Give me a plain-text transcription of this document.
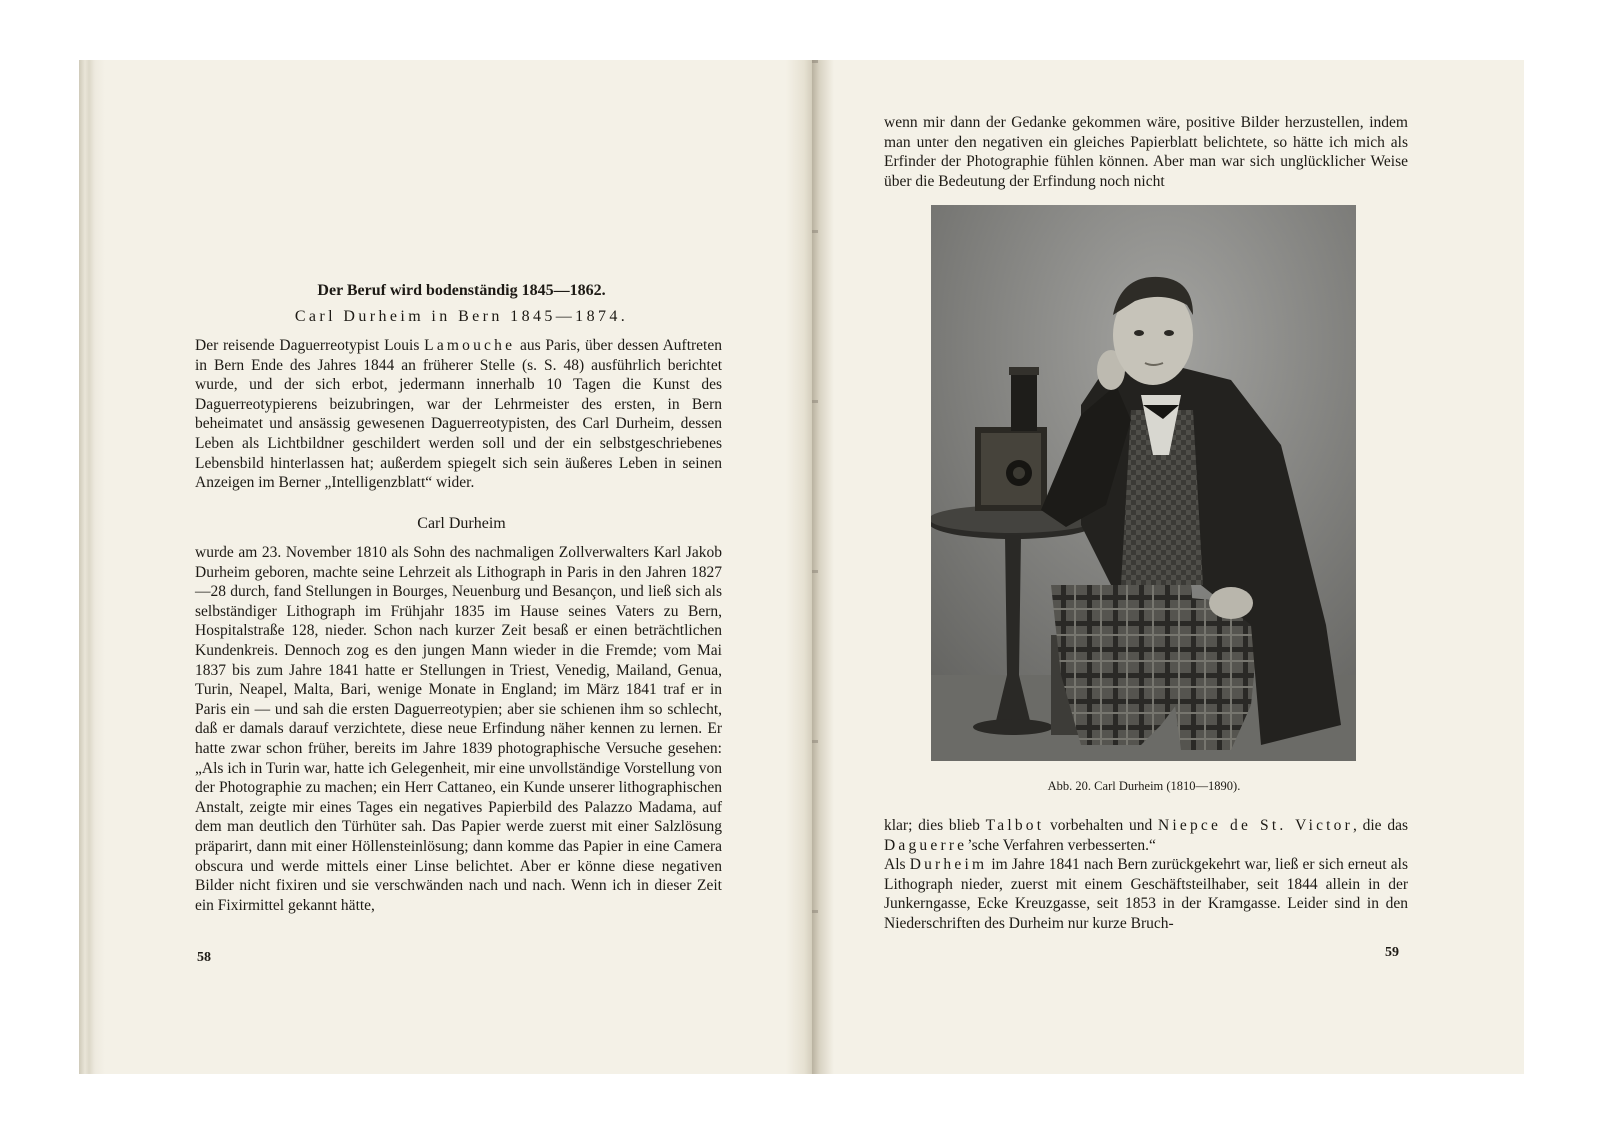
Der Beruf wird bodenständig 1845—1862.
Carl Durheim in Bern 1845—1874.
Der reisende Daguerreotypist Louis Lamouche aus Paris, über dessen Auftreten in Bern Ende des Jahres 1844 an früherer Stelle (s. S. 48) ausführlich berichtet wurde, und der sich erbot, jedermann innerhalb 10 Tagen die Kunst des Daguerreotypierens beizubringen, war der Lehrmeister des ersten, in Bern beheimatet und ansässig gewesenen Daguerreotypisten, des Carl Durheim, dessen Leben als Lichtbildner geschildert werden soll und der ein selbstgeschriebenes Lebensbild hinterlassen hat; außerdem spiegelt sich sein äußeres Leben in seinen Anzeigen im Berner „Intelligenzblatt“ wider.
Carl Durheim
wurde am 23. November 1810 als Sohn des nachmaligen Zollverwalters Karl Jakob Durheim geboren, machte seine Lehrzeit als Lithograph in Paris in den Jahren 1827—28 durch, fand Stellungen in Bourges, Neuenburg und Besançon, und ließ sich als selbständiger Lithograph im Frühjahr 1835 im Hause seines Vaters zu Bern, Hospitalstraße 128, nieder. Schon nach kurzer Zeit besaß er einen beträchtlichen Kundenkreis. Dennoch zog es den jungen Mann wieder in die Fremde; vom Mai 1837 bis zum Jahre 1841 hatte er Stellungen in Triest, Venedig, Mailand, Genua, Turin, Neapel, Malta, Bari, wenige Monate in England; im März 1841 traf er in Paris ein — und sah die ersten Daguerreotypien; aber sie schienen ihm so schlecht, daß er damals darauf verzichtete, diese neue Erfindung näher kennen zu lernen. Er hatte zwar schon früher, bereits im Jahre 1839 photographische Versuche gesehen: „Als ich in Turin war, hatte ich Gelegenheit, mir eine unvollständige Vorstellung von der Photographie zu machen; ein Herr Cattaneo, ein Kunde unserer lithographischen Anstalt, zeigte mir eines Tages ein negatives Papierbild des Palazzo Madama, auf dem man deutlich den Türhüter sah. Das Papier werde zuerst mit einer Salzlösung präparirt, dann mit einer Höllensteinlösung; dann komme das Papier in eine Camera obscura und werde mittels einer Linse belichtet. Aber er könne diese negativen Bilder nicht fixiren und sie verschwänden nach und nach. Wenn ich in dieser Zeit ein Fixirmittel gekannt hätte,
58
wenn mir dann der Gedanke gekommen wäre, positive Bilder herzustellen, indem man unter den negativen ein gleiches Papierblatt belichtete, so hätte ich mich als Erfinder der Photographie fühlen können. Aber man war sich unglücklicher Weise über die Bedeutung der Erfindung noch nicht
Abb. 20. Carl Durheim (1810—1890).
klar; dies blieb Talbot vorbehalten und Niepce de St. Victor, die das Daguerre’sche Verfahren verbesserten.“
Als Durheim im Jahre 1841 nach Bern zurückgekehrt war, ließ er sich erneut als Lithograph nieder, zuerst mit einem Geschäftsteilhaber, seit 1844 allein in der Junkerngasse, Ecke Kreuzgasse, seit 1853 in der Kramgasse. Leider sind in den Niederschriften des Durheim nur kurze Bruch-
59
